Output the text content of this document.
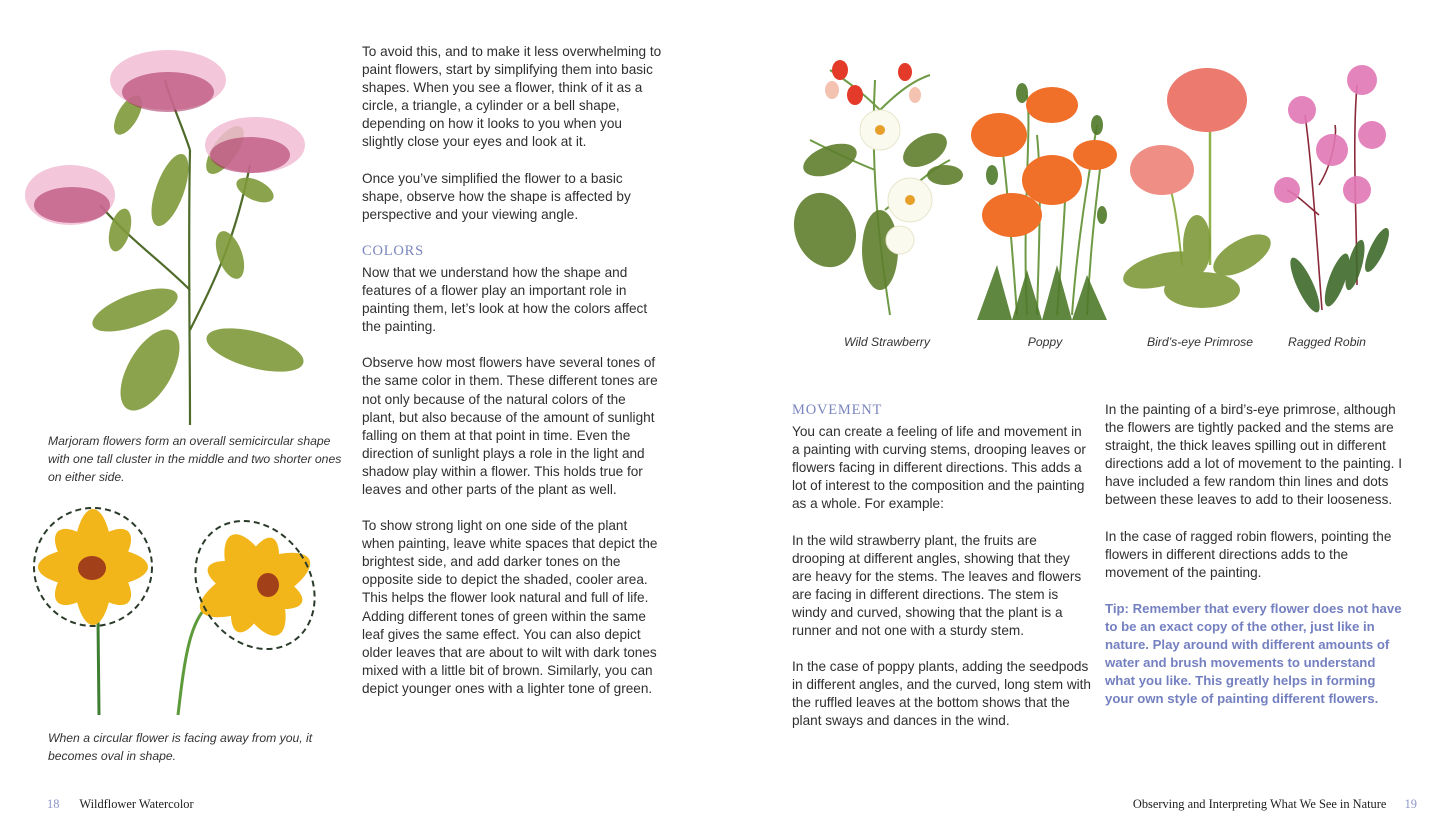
Marjoram flowers form an overall semicircular shape with one tall cluster in the middle and two shorter ones on either side.
When a circular flower is facing away from you, it becomes oval in shape.

To avoid this, and to make it less overwhelming to paint flowers, start by simplifying them into basic shapes. When you see a flower, think of it as a circle, a triangle, a cylinder or a bell shape, depending on how it looks to you when you slightly close your eyes and look at it.

Once you’ve simplified the flower to a basic shape, observe how the shape is affected by perspective and your viewing angle.

COLORS

Now that we understand how the shape and features of a flower play an important role in painting them, let’s look at how the colors affect the painting.

Observe how most flowers have several tones of the same color in them. These different tones are not only because of the natural colors of the plant, but also because of the amount of sunlight falling on them at that point in time. Even the direction of sunlight plays a role in the light and shadow play within a flower. This holds true for leaves and other parts of the plant as well.

To show strong light on one side of the plant when painting, leave white spaces that depict the brightest side, and add darker tones on the opposite side to depict the shaded, cooler area. This helps the flower look natural and full of life. Adding different tones of green within the same leaf gives the same effect. You can also depict older leaves that are about to wilt with dark tones mixed with a little bit of brown. Similarly, you can depict younger ones with a lighter tone of green.

18 Wildflower Watercolor
Wild Strawberry	Poppy	Bird’s-eye Primrose	Ragged Robin
MOVEMENT

You can create a feeling of life and movement in a painting with curving stems, drooping leaves or flowers facing in different directions. This adds a lot of interest to the composition and the painting as a whole. For example:

In the wild strawberry plant, the fruits are drooping at different angles, showing that they are heavy for the stems. The leaves and flowers are facing in different directions. The stem is windy and curved, showing that the plant is a runner and not one with a sturdy stem.

In the case of poppy plants, adding the seedpods in different angles, and the curved, long stem with the ruffled leaves at the bottom shows that the plant sways and dances in the wind.

In the painting of a bird’s-eye primrose, although the flowers are tightly packed and the stems are straight, the thick leaves spilling out in different directions add a lot of movement to the painting. I have included a few random thin lines and dots between these leaves to add to their looseness.

In the case of ragged robin flowers, pointing the flowers in different directions adds to the movement of the painting.

Tip: Remember that every flower does not have to be an exact copy of the other, just like in nature. Play around with different amounts of water and brush movements to understand what you like. This greatly helps in forming your own style of painting different flowers.

Observing and Interpreting What We See in Nature 19
